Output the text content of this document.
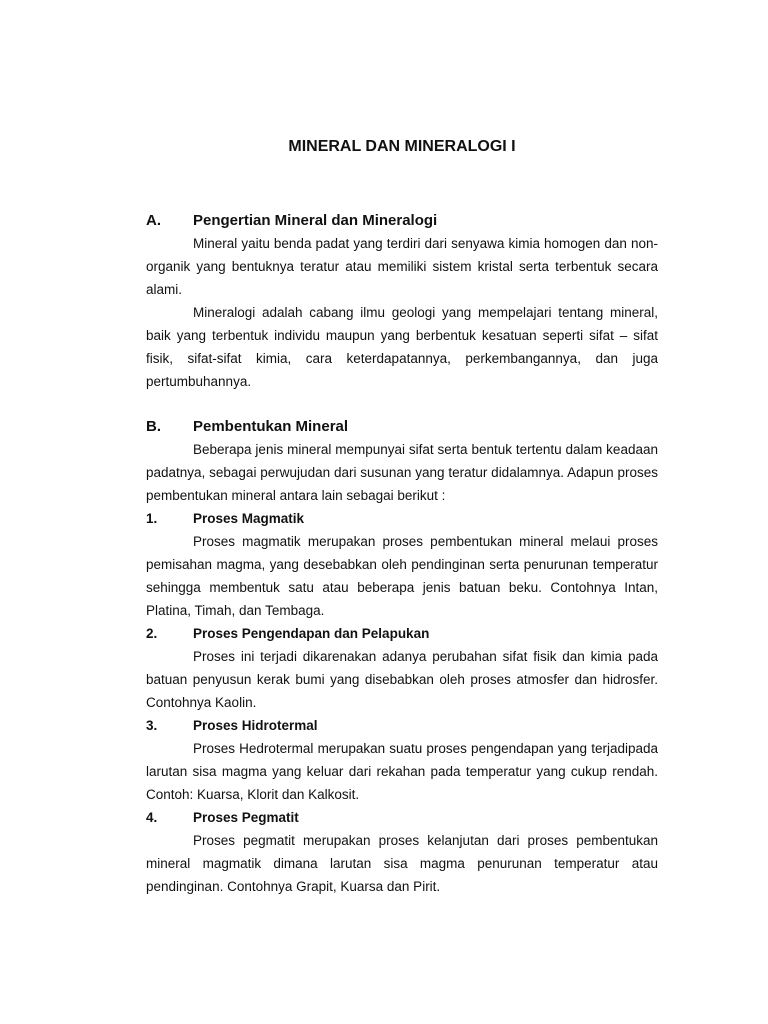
MINERAL DAN MINERALOGI I
A.	Pengertian Mineral dan Mineralogi

Mineral yaitu benda padat yang terdiri dari senyawa kimia homogen dan non-organik yang bentuknya teratur atau memiliki sistem kristal serta terbentuk secara alami.

Mineralogi adalah cabang ilmu geologi yang mempelajari tentang mineral, baik yang terbentuk individu maupun yang berbentuk kesatuan seperti sifat – sifat fisik, sifat-sifat kimia, cara keterdapatannya, perkembangannya, dan juga pertumbuhannya.

B.	Pembentukan Mineral

Beberapa jenis mineral mempunyai sifat serta bentuk tertentu dalam keadaan padatnya, sebagai perwujudan dari susunan yang teratur didalamnya. Adapun proses pembentukan mineral antara lain sebagai berikut :

1.	Proses Magmatik

Proses magmatik merupakan proses pembentukan mineral melaui proses pemisahan magma, yang desebabkan oleh pendinginan serta penurunan temperatur sehingga membentuk satu atau beberapa jenis batuan beku. Contohnya Intan, Platina, Timah, dan Tembaga.

2.	Proses Pengendapan dan Pelapukan

Proses ini terjadi dikarenakan adanya perubahan sifat fisik dan kimia pada batuan penyusun kerak bumi yang disebabkan oleh proses atmosfer dan hidrosfer. Contohnya Kaolin.

3.	Proses Hidrotermal

Proses Hedrotermal merupakan suatu proses pengendapan yang terjadipada larutan sisa magma yang keluar dari rekahan pada temperatur yang cukup rendah. Contoh: Kuarsa, Klorit dan Kalkosit.

4.	Proses Pegmatit

Proses pegmatit merupakan proses kelanjutan dari proses pembentukan mineral magmatik dimana larutan sisa magma penurunan temperatur atau pendinginan. Contohnya Grapit, Kuarsa dan Pirit.
